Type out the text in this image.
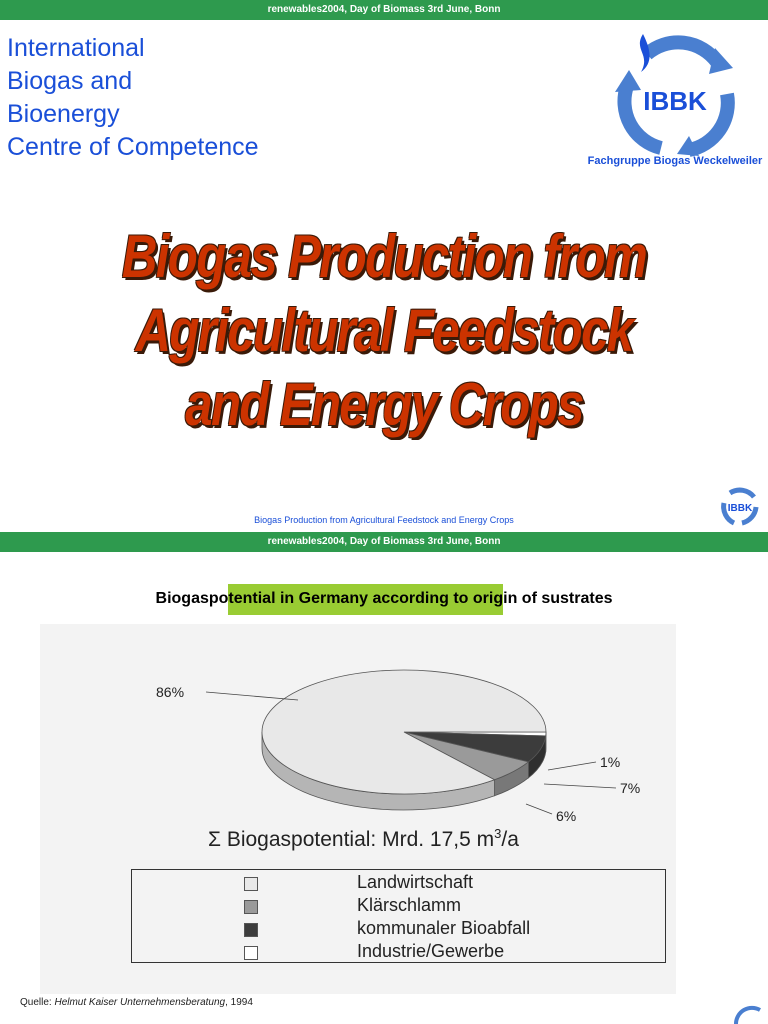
renewables2004, Day of Biomass 3rd June, Bonn
International
Biogas and
Bioenergy
Centre of Competence
IBBK
Fachgruppe Biogas Weckelweiler
Biogas Production from
Agricultural Feedstock
and Energy Crops
IBBK
Biogas Production from Agricultural Feedstock and Energy Crops
renewables2004, Day of Biomass 3rd June, Bonn
Biogaspotential in Germany according to origin of sustrates
86%
1%
7%
6%
Σ Biogaspotential: Mrd. 17,5 $m^3/a$
Landwirtschaft
Klärschlamm
kommunaler Bioabfall
Industrie/Gewerbe
Quelle: Helmut Kaiser Unternehmensberatung, 1994
